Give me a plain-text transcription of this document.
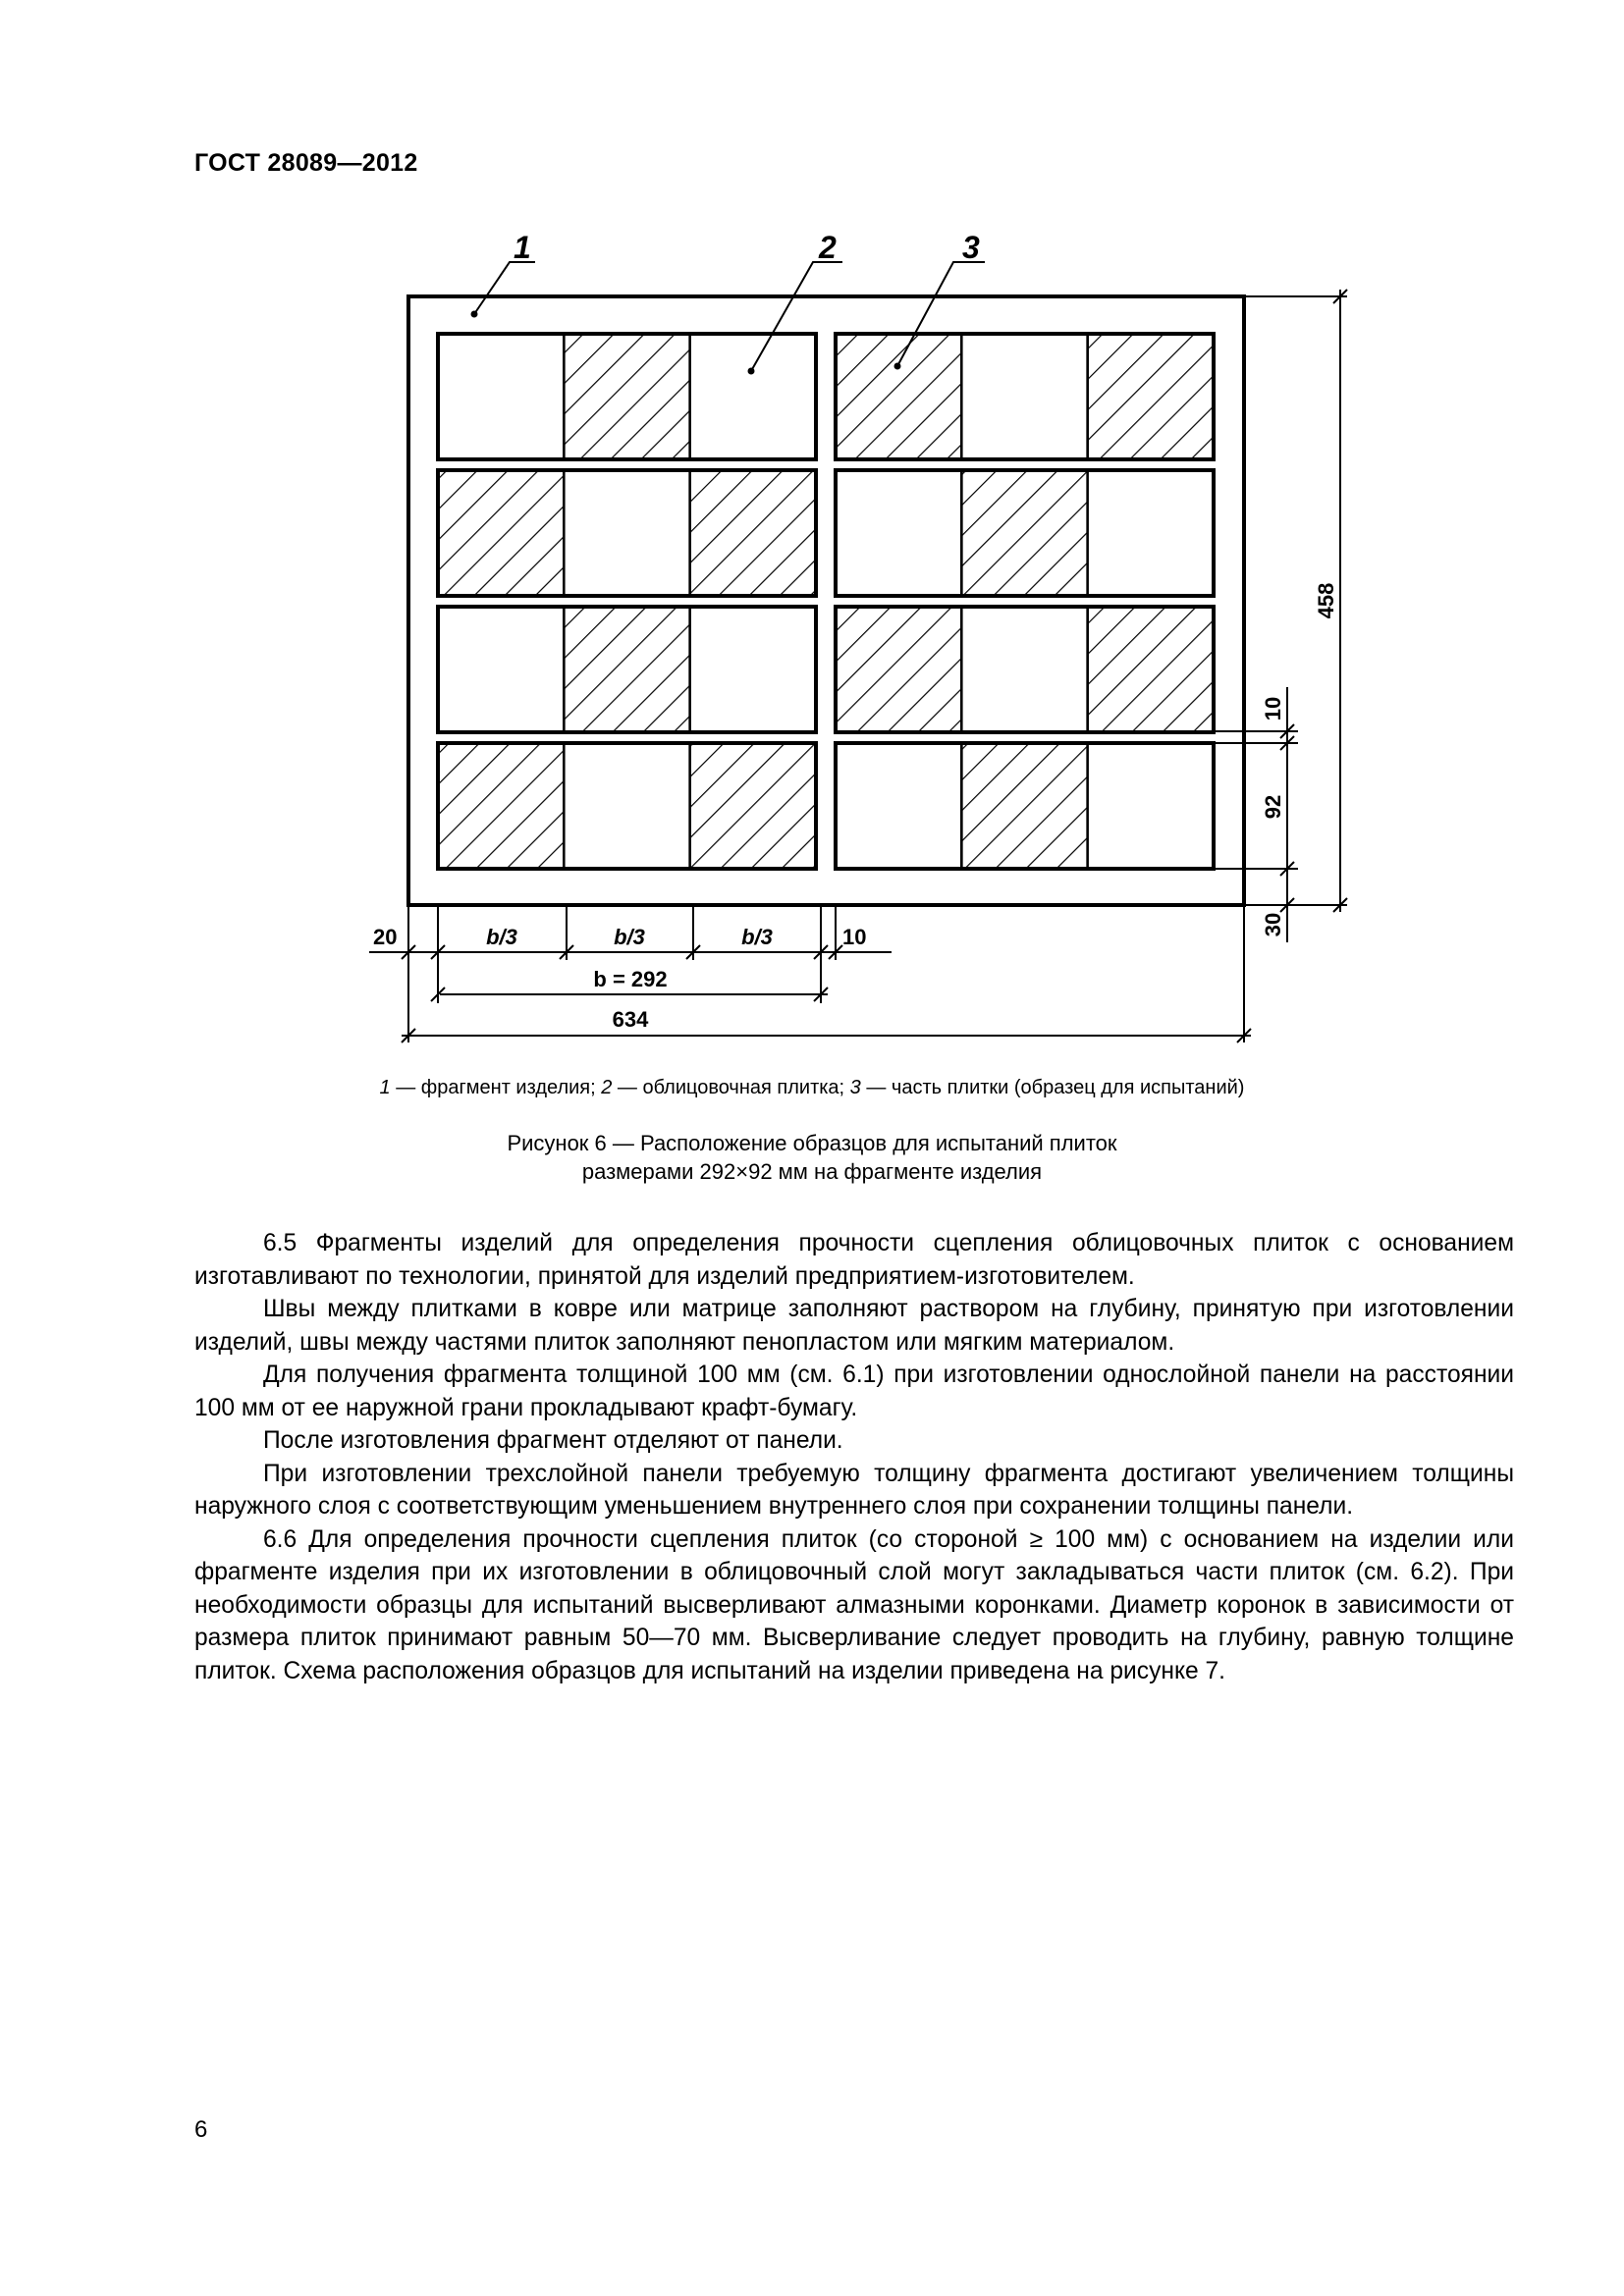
ГОСТ 28089—2012
1	2	3
458
10
92
30
20	b/3	b/3	b/3	10
b = 292
634
1 — фрагмент изделия; 2 — облицовочная плитка; 3 — часть плитки (образец для испытаний)
Рисунок 6 — Расположение образцов для испытаний плиток
размерами 292×92 мм на фрагменте изделия

6.5 Фрагменты изделий для определения прочности сцепления облицовочных плиток с основанием изготавливают по технологии, принятой для изделий предприятием-изготовителем.

Швы между плитками в ковре или матрице заполняют раствором на глубину, принятую при изготовлении изделий, швы между частями плиток заполняют пенопластом или мягким материалом.

Для получения фрагмента толщиной 100 мм (см. 6.1) при изготовлении однослойной панели на расстоянии 100 мм от ее наружной грани прокладывают крафт-бумагу.

После изготовления фрагмент отделяют от панели.

При изготовлении трехслойной панели требуемую толщину фрагмента достигают увеличением толщины наружного слоя с соответствующим уменьшением внутреннего слоя при сохранении толщины панели.

6.6 Для определения прочности сцепления плиток (со стороной ≥ 100 мм) с основанием на изделии или фрагменте изделия при их изготовлении в облицовочный слой могут закладываться части плиток (см. 6.2). При необходимости образцы для испытаний высверливают алмазными коронками. Диаметр коронок в зависимости от размера плиток принимают равным 50—70 мм. Высверливание следует проводить на глубину, равную толщине плиток. Схема расположения образцов для испытаний на изделии приведена на рисунке 7.

6
